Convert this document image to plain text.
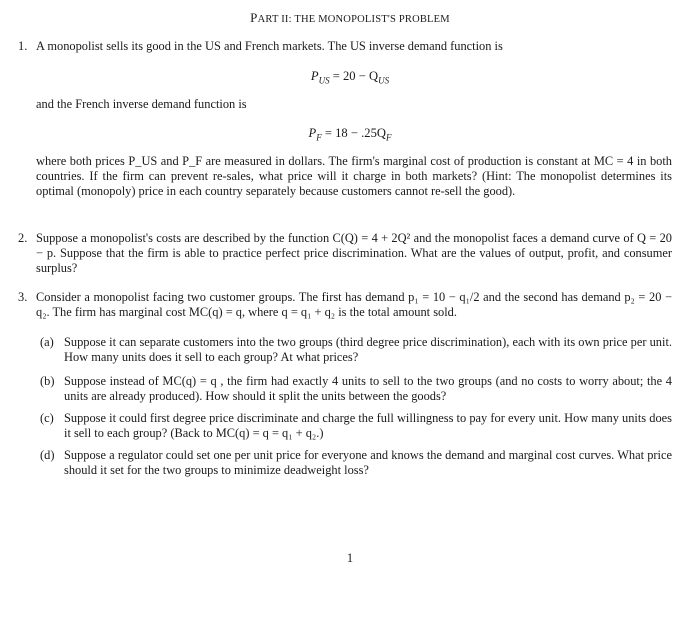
PART II: THE MONOPOLIST'S PROBLEM
1. A monopolist sells its good in the US and French markets. The US inverse demand function is
$P_{US} = 20 - Q_{US}$
and the French inverse demand function is
$P_F = 18 - .25Q_F$
where both prices P_US and P_F are measured in dollars. The firm's marginal cost of production is constant at MC = 4 in both countries. If the firm can prevent re-sales, what price will it charge in both markets? (Hint: The monopolist determines its optimal (monopoly) price in each country separately because customers cannot re-sell the good).
2. Suppose a monopolist's costs are described by the function C(Q) = 4 + 2Q² and the monopolist faces a demand curve of Q = 20 − p. Suppose that the firm is able to practice perfect price discrimination. What are the values of output, profit, and consumer surplus?
3. Consider a monopolist facing two customer groups. The first has demand p₁ = 10 − q₁/2 and the second has demand p₂ = 20 − q₂. The firm has marginal cost MC(q) = q, where q = q₁ + q₂ is the total amount sold.
(a) Suppose it can separate customers into the two groups (third degree price discrimination), each with its own price per unit. How many units does it sell to each group? At what prices?
(b) Suppose instead of MC(q) = q , the firm had exactly 4 units to sell to the two groups (and no costs to worry about; the 4 units are already produced). How should it split the units between the goods?
(c) Suppose it could first degree price discriminate and charge the full willingness to pay for every unit. How many units does it sell to each group? (Back to MC(q) = q = q₁ + q₂.)
(d) Suppose a regulator could set one per unit price for everyone and knows the demand and marginal cost curves. What price should it set for the two groups to minimize deadweight loss?
1
